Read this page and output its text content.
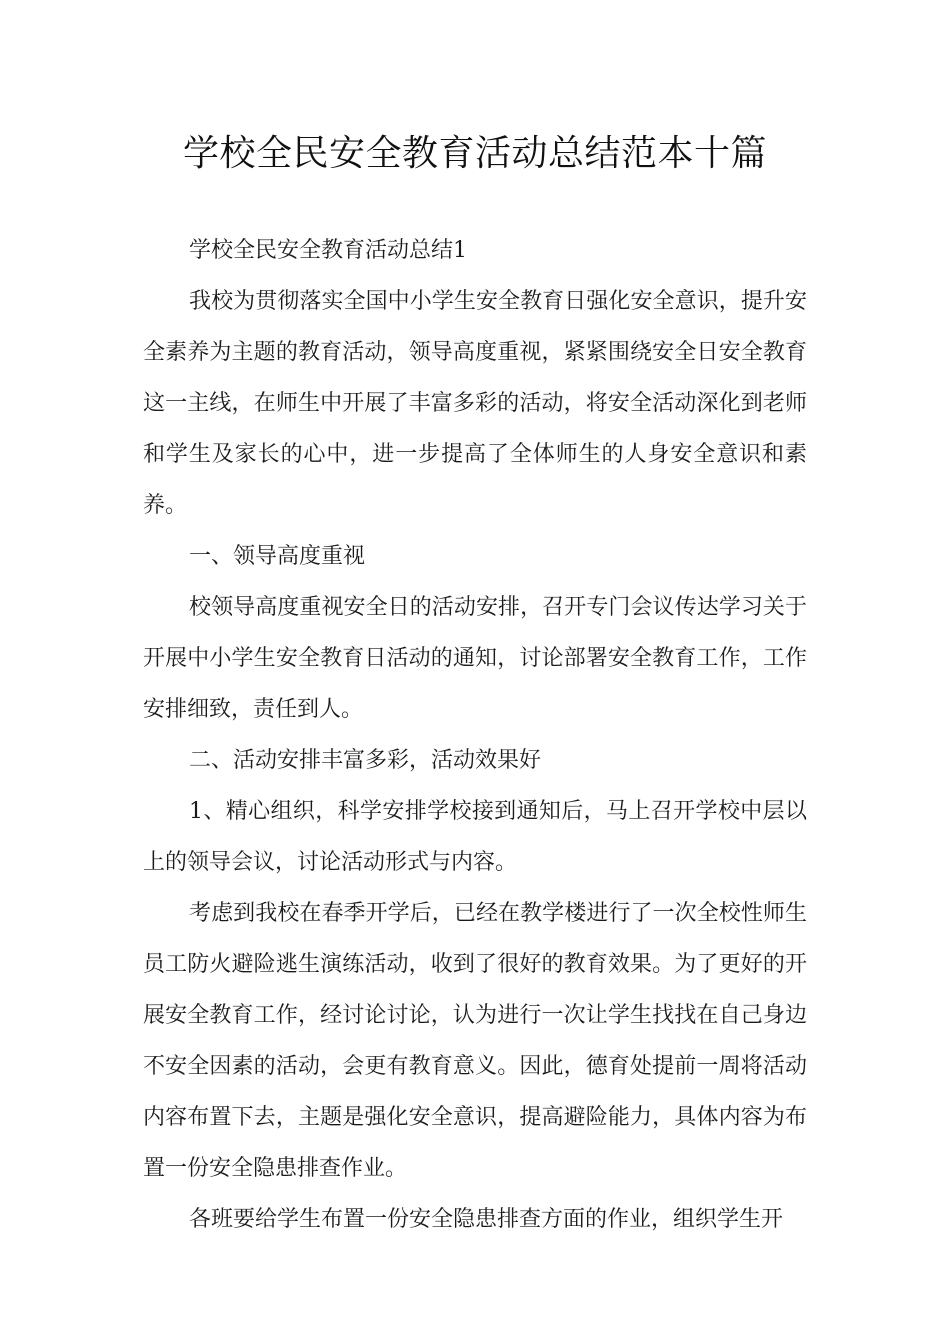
学校全民安全教育活动总结范本十篇

学校全民安全教育活动总结1

我校为贯彻落实全国中小学生安全教育日强化安全意识，提升安全素养为主题的教育活动，领导高度重视，紧紧围绕安全日安全教育这一主线，在师生中开展了丰富多彩的活动，将安全活动深化到老师和学生及家长的心中，进一步提高了全体师生的人身安全意识和素养。

一、领导高度重视

校领导高度重视安全日的活动安排，召开专门会议传达学习关于开展中小学生安全教育日活动的通知，讨论部署安全教育工作，工作安排细致，责任到人。

二、活动安排丰富多彩，活动效果好

1、精心组织，科学安排学校接到通知后，马上召开学校中层以上的领导会议，讨论活动形式与内容。

考虑到我校在春季开学后，已经在教学楼进行了一次全校性师生员工防火避险逃生演练活动，收到了很好的教育效果。为了更好的开展安全教育工作，经讨论讨论，认为进行一次让学生找找在自己身边不安全因素的活动，会更有教育意义。因此，德育处提前一周将活动内容布置下去，主题是强化安全意识，提高避险能力，具体内容为布置一份安全隐患排查作业。

各班要给学生布置一份安全隐患排查方面的作业，组织学生开
